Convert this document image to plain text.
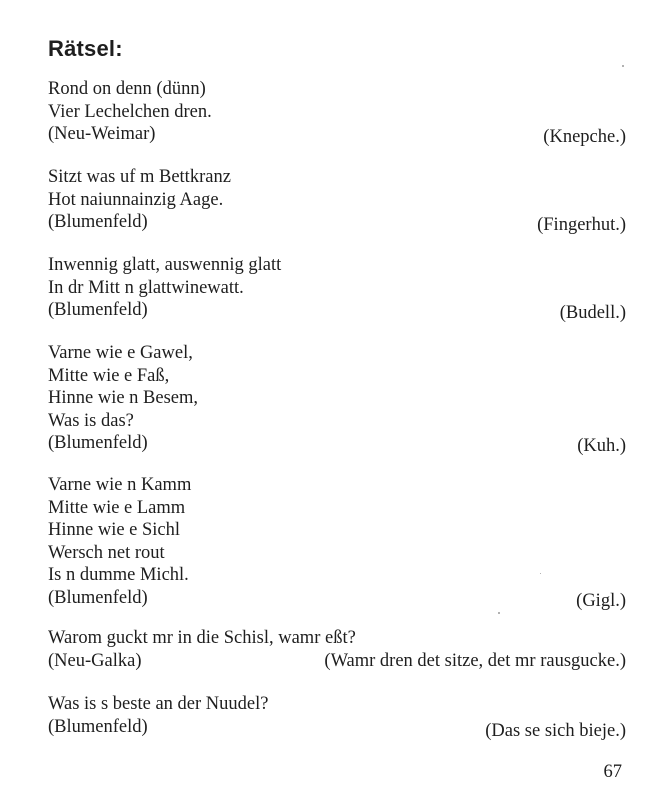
Rätsel:
Rond on denn (dünn)
Vier Lechelchen dren.
(Neu-Weimar)	(Knepche.)
Sitzt was uf m Bettkranz
Hot naiunnainzig Aage.
(Blumenfeld)	(Fingerhut.)
Inwennig glatt, auswennig glatt
In dr Mitt n glattwinewatt.
(Blumenfeld)	(Budell.)
Varne wie e Gawel,
Mitte wie e Faß,
Hinne wie n Besem,
Was is das?
(Blumenfeld)	(Kuh.)
Varne wie n Kamm
Mitte wie e Lamm
Hinne wie e Sichl
Wersch net rout
Is n dumme Michl.
(Blumenfeld)	(Gigl.)
Warom guckt mr in die Schisl, wamr eßt?
(Neu-Galka)	(Wamr dren det sitze, det mr rausgucke.)
Was is s beste an der Nuudel?
(Blumenfeld)	(Das se sich bieje.)
67
